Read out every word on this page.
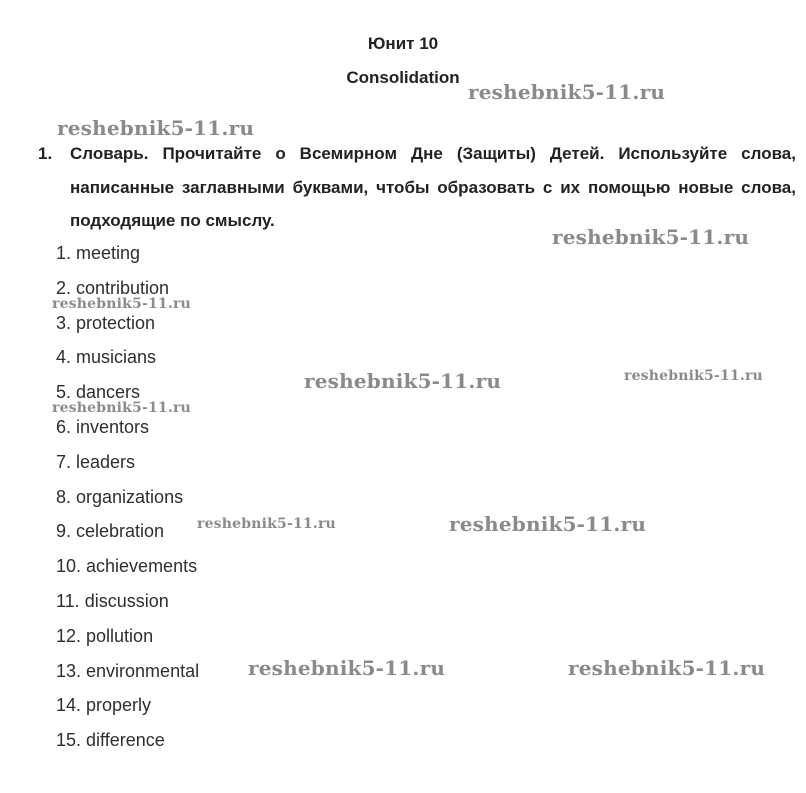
Юнит 10
Consolidation
1. Словарь. Прочитайте о Всемирном Дне (Защиты) Детей. Используйте слова, написанные заглавными буквами, чтобы образовать с их помощью новые слова, подходящие по смыслу.
1. meeting
2. contribution
3. protection
4. musicians
5. dancers
6. inventors
7. leaders
8. organizations
9. celebration
10. achievements
11. discussion
12. pollution
13. environmental
14. properly
15. difference
reshebnik5-11.ru
reshebnik5-11.ru
reshebnik5-11.ru
reshebnik5-11.ru
reshebnik5-11.ru	reshebnik5-11.ru
reshebnik5-11.ru
reshebnik5-11.ru	reshebnik5-11.ru
reshebnik5-11.ru	reshebnik5-11.ru
